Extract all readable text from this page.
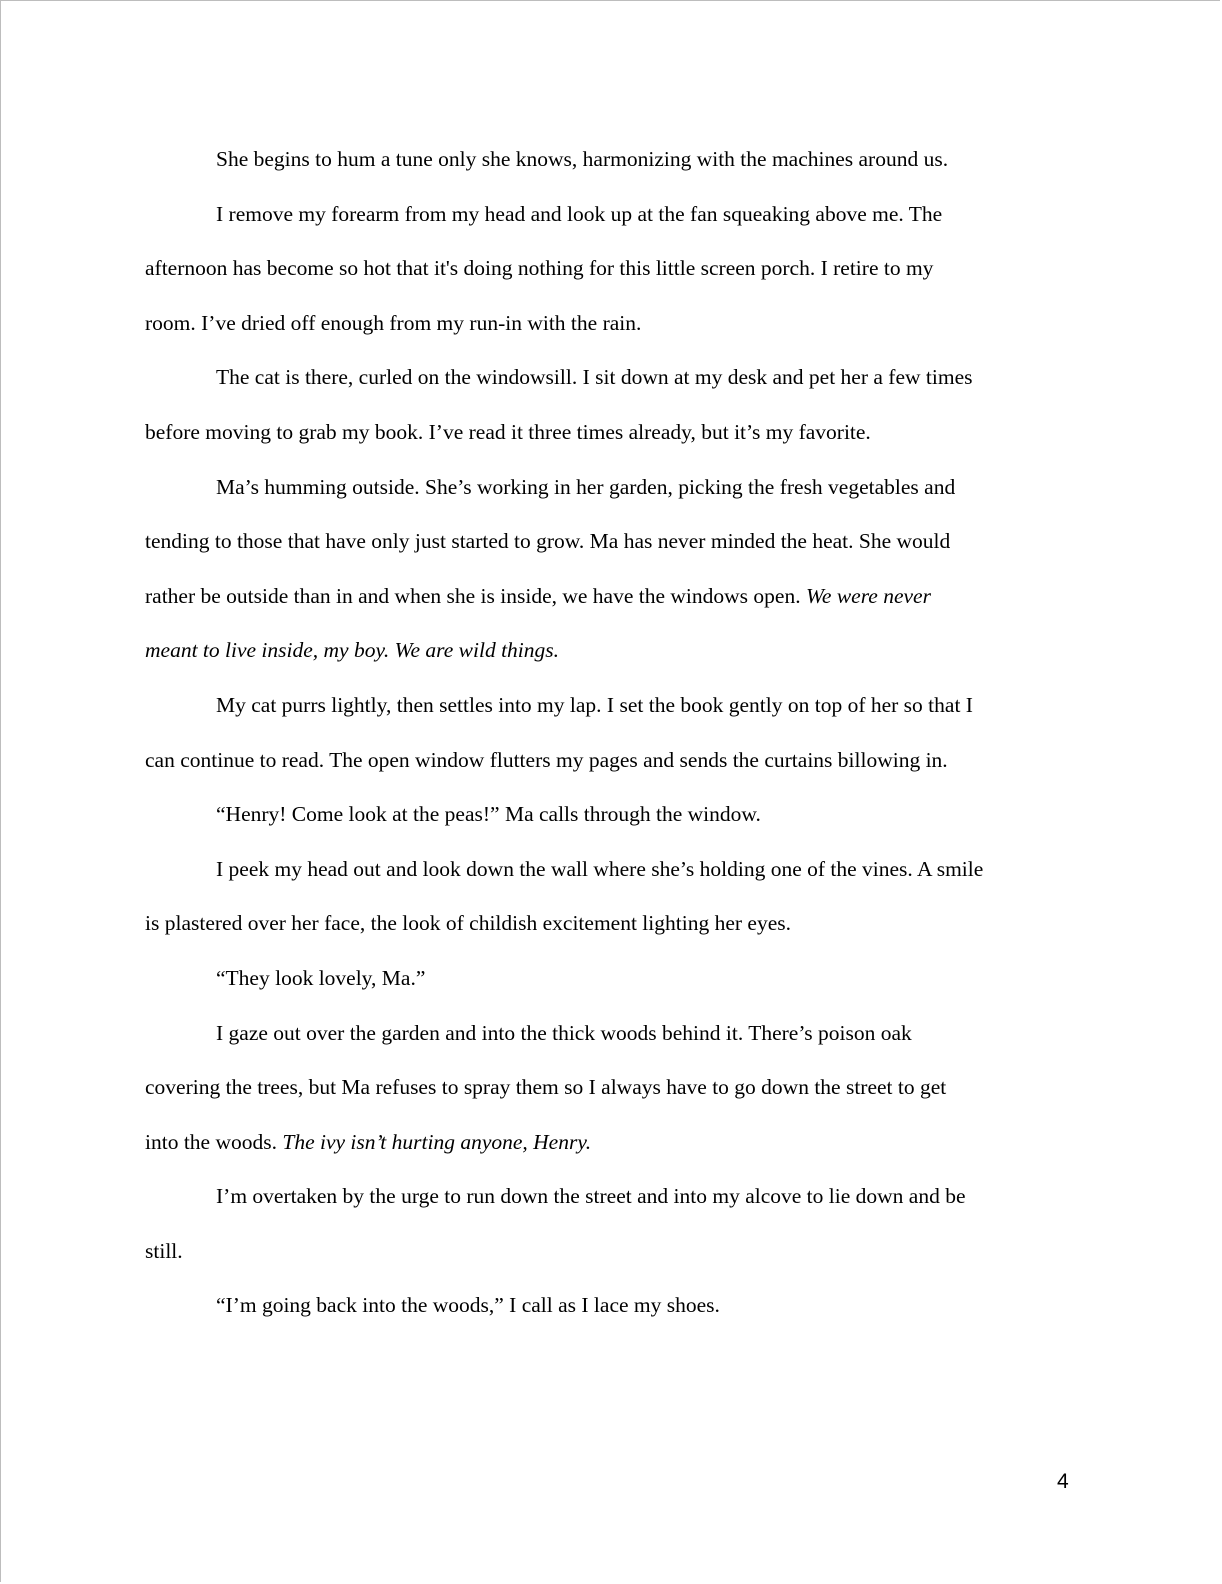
She begins to hum a tune only she knows, harmonizing with the machines around us.
I remove my forearm from my head and look up at the fan squeaking above me. The
afternoon has become so hot that it's doing nothing for this little screen porch. I retire to my
room. I’ve dried off enough from my run-in with the rain.
The cat is there, curled on the windowsill. I sit down at my desk and pet her a few times
before moving to grab my book. I’ve read it three times already, but it’s my favorite.
Ma’s humming outside. She’s working in her garden, picking the fresh vegetables and
tending to those that have only just started to grow. Ma has never minded the heat. She would
rather be outside than in and when she is inside, we have the windows open. We were never
meant to live inside, my boy. We are wild things.
My cat purrs lightly, then settles into my lap. I set the book gently on top of her so that I
can continue to read. The open window flutters my pages and sends the curtains billowing in.
“Henry! Come look at the peas!” Ma calls through the window.
I peek my head out and look down the wall where she’s holding one of the vines. A smile
is plastered over her face, the look of childish excitement lighting her eyes.
“They look lovely, Ma.”
I gaze out over the garden and into the thick woods behind it. There’s poison oak
covering the trees, but Ma refuses to spray them so I always have to go down the street to get
into the woods. The ivy isn’t hurting anyone, Henry.
I’m overtaken by the urge to run down the street and into my alcove to lie down and be
still.
“I’m going back into the woods,” I call as I lace my shoes.
4
